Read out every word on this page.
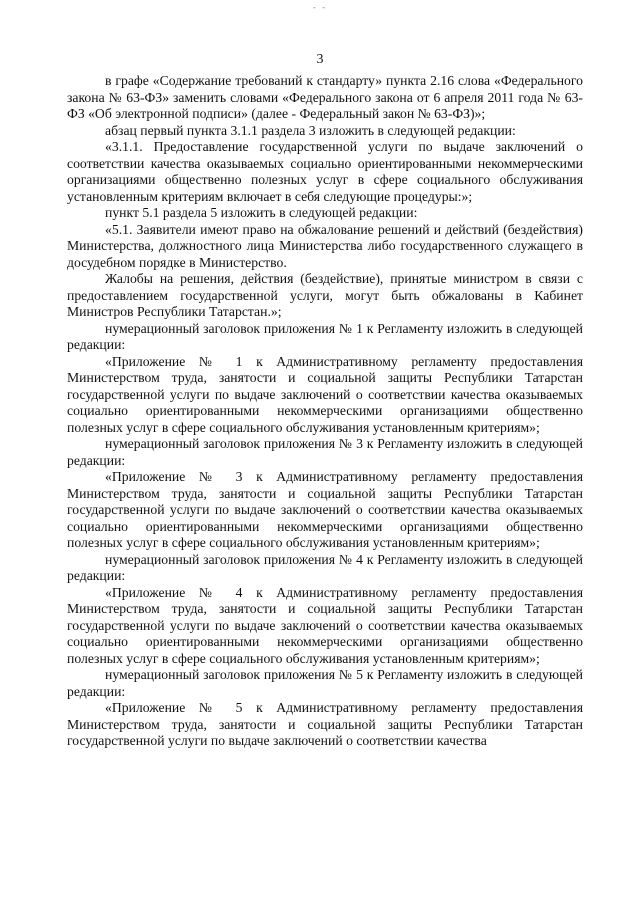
- -
3

в графе «Содержание требований к стандарту» пункта 2.16 слова «Федерального закона № 63-ФЗ» заменить словами «Федерального закона от 6 апреля 2011 года № 63-ФЗ «Об электронной подписи» (далее - Федеральный закон № 63-ФЗ)»;

абзац первый пункта 3.1.1 раздела 3 изложить в следующей редакции:

«3.1.1. Предоставление государственной услуги по выдаче заключений о соответствии качества оказываемых социально ориентированными некоммерческими организациями общественно полезных услуг в сфере социального обслуживания установленным критериям включает в себя следующие процедуры:»;

пункт 5.1 раздела 5 изложить в следующей редакции:

«5.1. Заявители имеют право на обжалование решений и действий (бездействия) Министерства, должностного лица Министерства либо государственного служащего в досудебном порядке в Министерство.

Жалобы на решения, действия (бездействие), принятые министром в связи с предоставлением государственной услуги, могут быть обжалованы в Кабинет Министров Республики Татарстан.»;

нумерационный заголовок приложения № 1 к Регламенту изложить в следующей редакции:

«Приложение № 1 к Административному регламенту предоставления Министерством труда, занятости и социальной защиты Республики Татарстан государственной услуги по выдаче заключений о соответствии качества оказываемых социально ориентированными некоммерческими организациями общественно полезных услуг в сфере социального обслуживания установленным критериям»;

нумерационный заголовок приложения № 3 к Регламенту изложить в следующей редакции:

«Приложение № 3 к Административному регламенту предоставления Министерством труда, занятости и социальной защиты Республики Татарстан государственной услуги по выдаче заключений о соответствии качества оказываемых социально ориентированными некоммерческими организациями общественно полезных услуг в сфере социального обслуживания установленным критериям»;

нумерационный заголовок приложения № 4 к Регламенту изложить в следующей редакции:

«Приложение № 4 к Административному регламенту предоставления Министерством труда, занятости и социальной защиты Республики Татарстан государственной услуги по выдаче заключений о соответствии качества оказываемых социально ориентированными некоммерческими организациями общественно полезных услуг в сфере социального обслуживания установленным критериям»;

нумерационный заголовок приложения № 5 к Регламенту изложить в следующей редакции:

«Приложение № 5 к Административному регламенту предоставления Министерством труда, занятости и социальной защиты Республики Татарстан государственной услуги по выдаче заключений о соответствии качества
